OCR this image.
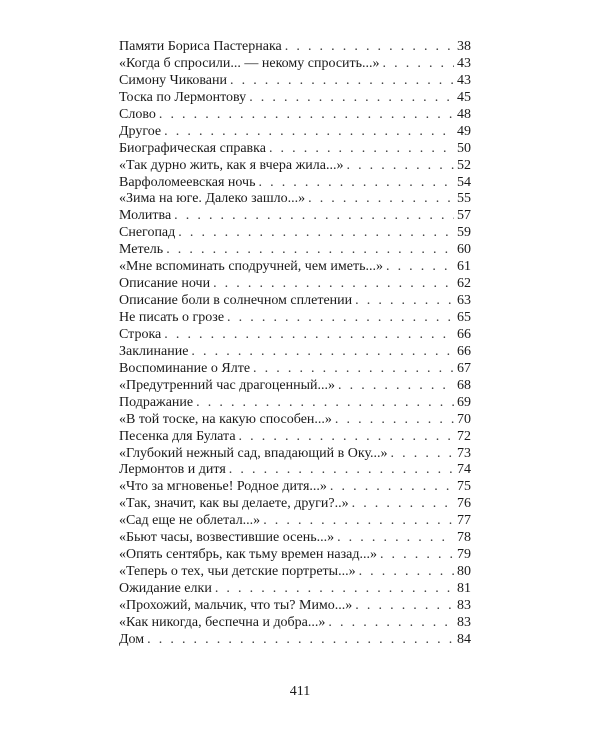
Памяти Бориса Пастернака . . .	38
«Когда б спросили... — некому спросить...» . . .	43
Симону Чиковани . . .	43
Тоска по Лермонтову . . .	45
Слово . . .	48
Другое . . .	49
Биографическая справка . . .	50
«Так дурно жить, как я вчера жила...» . . .	52
Варфоломеевская ночь . . .	54
«Зима на юге. Далеко зашло...» . . .	55
Молитва . . .	57
Снегопад . . .	59
Метель . . .	60
«Мне вспоминать сподручней, чем иметь...» . . .	61
Описание ночи . . .	62
Описание боли в солнечном сплетении . . .	63
Не писать о грозе . . .	65
Строка . . .	66
Заклинание . . .	66
Воспоминание о Ялте . . .	67
«Предутренний час драгоценный...» . . .	68
Подражание . . .	69
«В той тоске, на какую способен...» . . .	70
Песенка для Булата . . .	72
«Глубокий нежный сад, впадающий в Оку...» . . .	73
Лермонтов и дитя . . .	74
«Что за мгновенье! Родное дитя...» . . .	75
«Так, значит, как вы делаете, други?..» . . .	76
«Сад еще не облетал...» . . .	77
«Бьют часы, возвестившие осень...» . . .	78
«Опять сентябрь, как тьму времен назад...» . . .	79
«Теперь о тех, чьи детские портреты...» . . .	80
Ожидание елки . . .	81
«Прохожий, мальчик, что ты? Мимо...» . . .	83
«Как никогда, беспечна и добра...» . . .	83
Дом . . .	84
411
